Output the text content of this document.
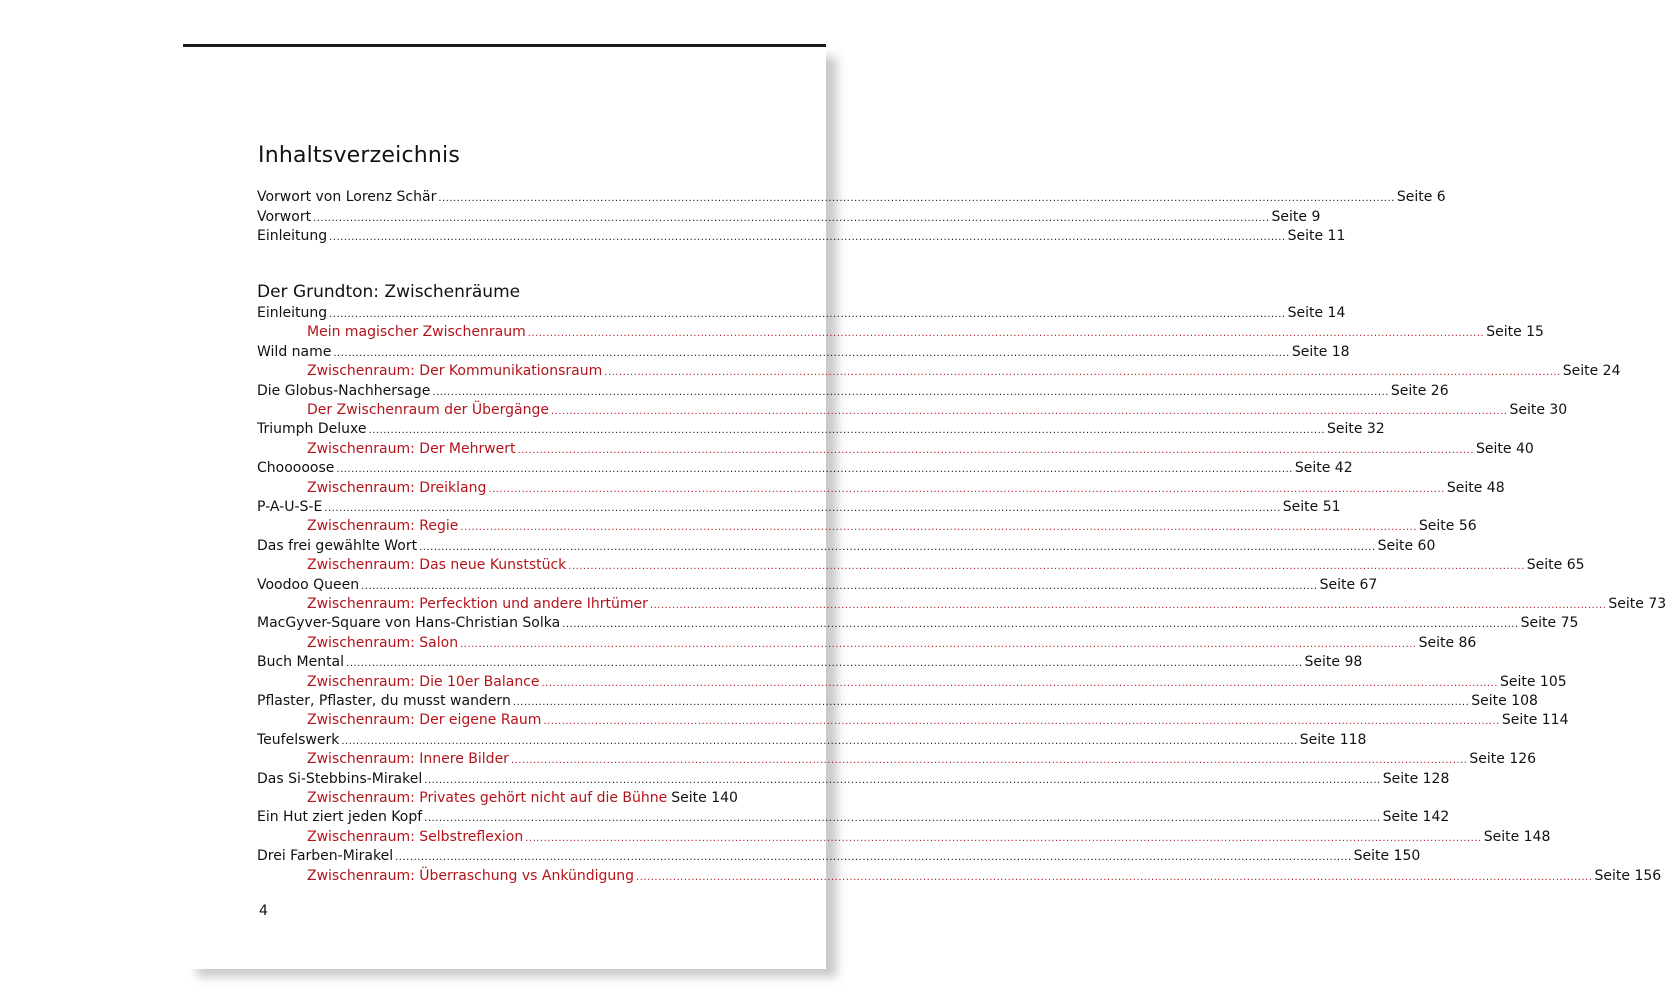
Inhaltsverzeichnis
Vorwort von Lorenz Schär .................................................................................................................................................................................................................................................................... Seite 6
Vorwort .................................................................................................................................................................................................................................................................... Seite 9
Einleitung .................................................................................................................................................................................................................................................................... Seite 11
Der Grundton: Zwischenräume
Einleitung .................................................................................................................................................................................................................................................................... Seite 14
Mein magischer Zwischenraum .................................................................................................................................................................................................................................................................... Seite 15
Wild name .................................................................................................................................................................................................................................................................... Seite 18
Zwischenraum: Der Kommunikationsraum .................................................................................................................................................................................................................................................................... Seite 24
Die Globus-Nachhersage .................................................................................................................................................................................................................................................................... Seite 26
Der Zwischenraum der Übergänge .................................................................................................................................................................................................................................................................... Seite 30
Triumph Deluxe .................................................................................................................................................................................................................................................................... Seite 32
Zwischenraum: Der Mehrwert .................................................................................................................................................................................................................................................................... Seite 40
Chooooose .................................................................................................................................................................................................................................................................... Seite 42
Zwischenraum: Dreiklang .................................................................................................................................................................................................................................................................... Seite 48
P-A-U-S-E .................................................................................................................................................................................................................................................................... Seite 51
Zwischenraum: Regie .................................................................................................................................................................................................................................................................... Seite 56
Das frei gewählte Wort .................................................................................................................................................................................................................................................................... Seite 60
Zwischenraum: Das neue Kunststück .................................................................................................................................................................................................................................................................... Seite 65
Voodoo Queen .................................................................................................................................................................................................................................................................... Seite 67
Zwischenraum: Perfecktion und andere Ihrtümer .................................................................................................................................................................................................................................................................... Seite 73
MacGyver-Square von Hans-Christian Solka .................................................................................................................................................................................................................................................................... Seite 75
Zwischenraum: Salon .................................................................................................................................................................................................................................................................... Seite 86
Buch Mental .................................................................................................................................................................................................................................................................... Seite 98
Zwischenraum: Die 10er Balance .................................................................................................................................................................................................................................................................... Seite 105
Pflaster, Pflaster, du musst wandern .................................................................................................................................................................................................................................................................... Seite 108
Zwischenraum: Der eigene Raum .................................................................................................................................................................................................................................................................... Seite 114
Teufelswerk .................................................................................................................................................................................................................................................................... Seite 118
Zwischenraum: Innere Bilder .................................................................................................................................................................................................................................................................... Seite 126
Das Si-Stebbins-Mirakel .................................................................................................................................................................................................................................................................... Seite 128
Zwischenraum: Privates gehört nicht auf die Bühne Seite 140
Ein Hut ziert jeden Kopf .................................................................................................................................................................................................................................................................... Seite 142
Zwischenraum: Selbstreflexion .................................................................................................................................................................................................................................................................... Seite 148
Drei Farben-Mirakel .................................................................................................................................................................................................................................................................... Seite 150
Zwischenraum: Überraschung vs Ankündigung .................................................................................................................................................................................................................................................................... Seite 156
4
